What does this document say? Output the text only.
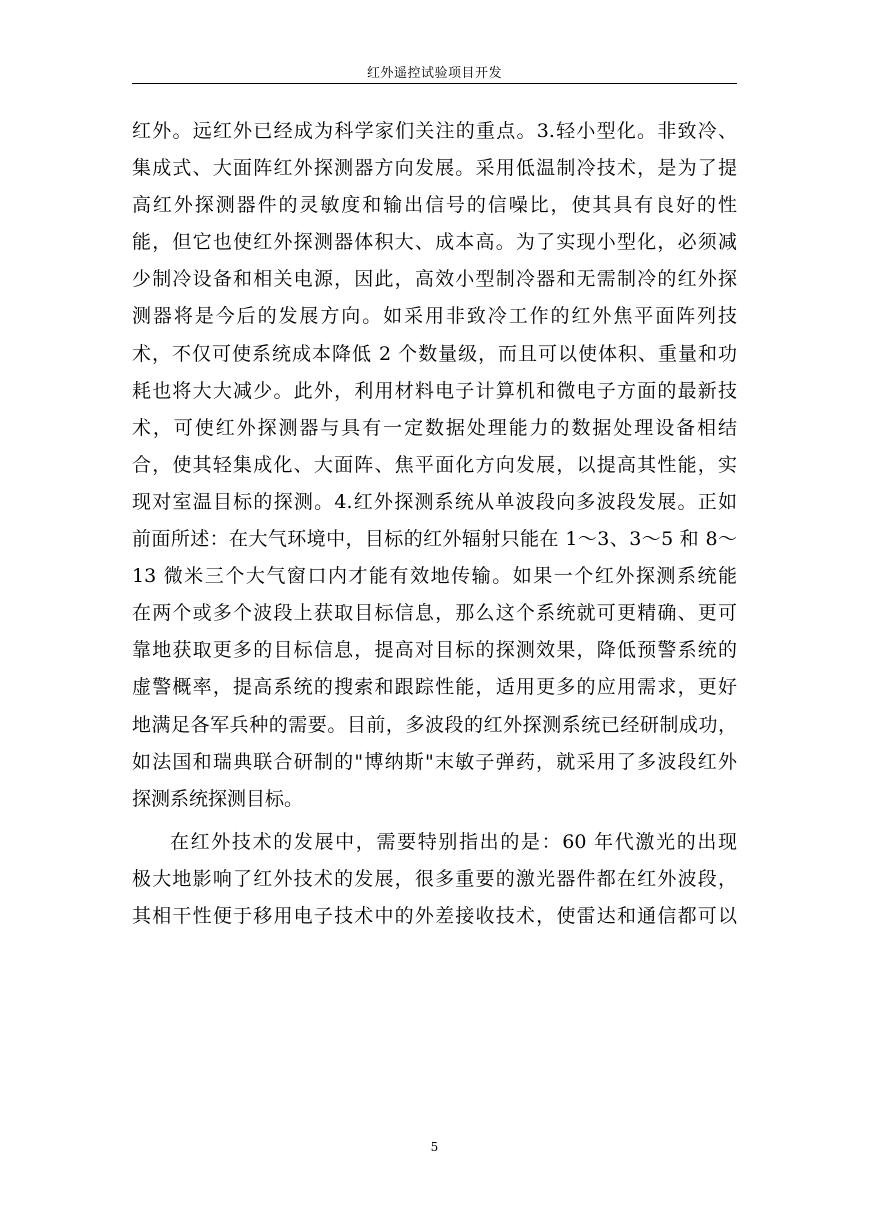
红外遥控试验项目开发
红外。远红外已经成为科学家们关注的重点。3.轻小型化。非致冷、
集成式、大面阵红外探测器方向发展。采用低温制冷技术，是为了提
高红外探测器件的灵敏度和输出信号的信噪比，使其具有良好的性
能，但它也使红外探测器体积大、成本高。为了实现小型化，必须减
少制冷设备和相关电源，因此，高效小型制冷器和无需制冷的红外探
测器将是今后的发展方向。如采用非致冷工作的红外焦平面阵列技
术，不仅可使系统成本降低 2 个数量级，而且可以使体积、重量和功
耗也将大大减少。此外，利用材料电子计算机和微电子方面的最新技
术，可使红外探测器与具有一定数据处理能力的数据处理设备相结
合，使其轻集成化、大面阵、焦平面化方向发展，以提高其性能，实
现对室温目标的探测。4.红外探测系统从单波段向多波段发展。正如
前面所述：在大气环境中，目标的红外辐射只能在 1～3、3～5 和 8～
13 微米三个大气窗口内才能有效地传输。如果一个红外探测系统能
在两个或多个波段上获取目标信息，那么这个系统就可更精确、更可
靠地获取更多的目标信息，提高对目标的探测效果，降低预警系统的
虚警概率，提高系统的搜索和跟踪性能，适用更多的应用需求，更好
地满足各军兵种的需要。目前，多波段的红外探测系统已经研制成功，
如法国和瑞典联合研制的"博纳斯"末敏子弹药，就采用了多波段红外
探测系统探测目标。
在红外技术的发展中，需要特别指出的是：60 年代激光的出现
极大地影响了红外技术的发展，很多重要的激光器件都在红外波段，
其相干性便于移用电子技术中的外差接收技术，使雷达和通信都可以
5
